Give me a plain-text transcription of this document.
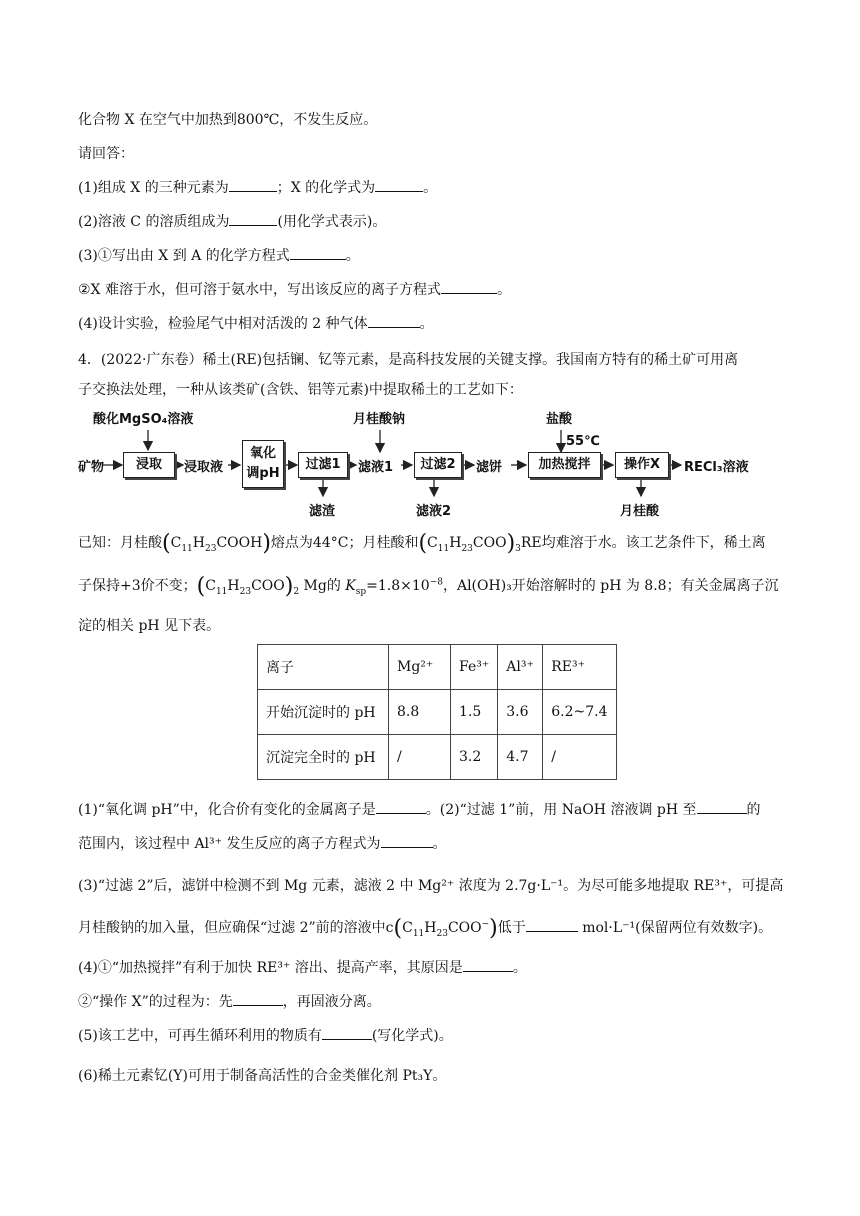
化合物 X 在空气中加热到800℃，不发生反应。
请回答：
(1)组成 X 的三种元素为	；X 的化学式为	。
(2)溶液 C 的溶质组成为	(用化学式表示)。
(3)①写出由 X 到 A 的化学方程式	。
②X 难溶于水，但可溶于氨水中，写出该反应的离子方程式	。
(4)设计实验，检验尾气中相对活泼的 2 种气体	。
4．(2022·广东卷）稀土(RE)包括镧、钇等元素，是高科技发展的关键支撑。我国南方特有的稀土矿可用离
子交换法处理，一种从该类矿(含铁、铝等元素)中提取稀土的工艺如下：
酸化MgSO₄溶液	月桂酸钠	盐酸
55℃
矿物	浸取	浸取液
氧化
调pH
过滤1	滤液1	过滤2	滤饼	加热搅拌	操作X	RECl₃溶液
滤渣	滤液2	月桂酸
已知：月桂酸$(C_{11}H_{23}COOH)$熔点为44°C；月桂酸和$(C_{11}H_{23}COO)_3RE$均难溶于水。该工艺条件下，稀土离
子保持+3价不变；$(C_{11}H_{23}COO)_2$ Mg的 $K_{sp}=1.8\times 10^{-8}$，Al(OH)₃开始溶解时的 pH 为 8.8；有关金属离子沉
淀的相关 pH 见下表。
离子	Mg²⁺	Fe³⁺	Al³⁺	RE³⁺
开始沉淀时的 pH	8.8	1.5	3.6	6.2~7.4
沉淀完全时的 pH	/	3.2	4.7	/
(1)“氧化调 pH”中，化合价有变化的金属离子是	。(2)“过滤 1”前，用 NaOH 溶液调 pH 至	的
范围内，该过程中 Al³⁺ 发生反应的离子方程式为	。
(3)“过滤 2”后，滤饼中检测不到 Mg 元素，滤液 2 中 Mg²⁺ 浓度为 2.7g·L⁻¹。为尽可能多地提取 RE³⁺，可提高
月桂酸钠的加入量，但应确保“过滤 2”前的溶液中$c(C_{11}H_{23}COO^-)$低于	mol·L⁻¹(保留两位有效数字)。
(4)①“加热搅拌”有利于加快 RE³⁺ 溶出、提高产率，其原因是	。
②“操作 X”的过程为：先	，再固液分离。
(5)该工艺中，可再生循环利用的物质有	(写化学式)。
(6)稀土元素钇(Y)可用于制备高活性的合金类催化剂 Pt₃Y。
